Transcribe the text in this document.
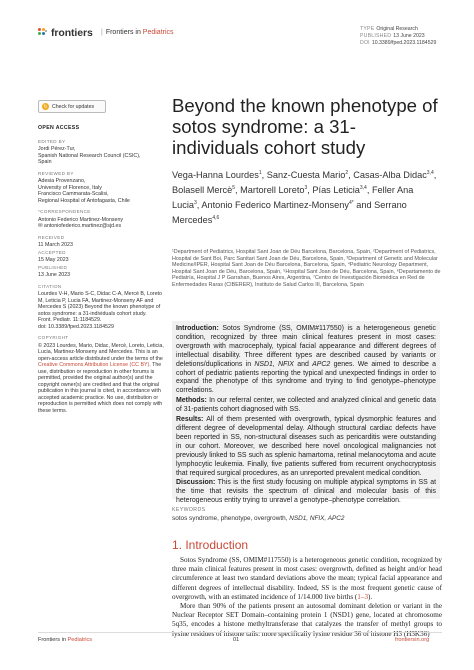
frontiers	| Frontiers in Pediatrics	TYPE Original Research
PUBLISHED 13 June 2023
DOI 10.3389/fped.2023.1184529
↻ Check for updates
OPEN ACCESS
EDITED BY
Jordi Pérez-Tur,
Spanish National Research Council (CSIC),
Spain
REVIEWED BY
Adesia Provenzano,
University of Florence, Italy
Francisco Cammarata-Scalisi,
Regional Hospital of Antofagasta, Chile
*CORRESPONDENCE
Antonio Federico Martinez-Monseny
✉ antoniofederico.martinez@sjd.es
RECEIVED
11 March 2023
ACCEPTED
15 May 2023
PUBLISHED
13 June 2023
CITATION
Lourdes V-H, Mario S-C, Didac C-A, Mercè B, Loreto M, Leticia P, Lucia FA, Martinez-Monseny AF and Mercedes S (2023) Beyond the known phenotype of sotos syndrome: a 31-individuals cohort study.
Front. Pediatr. 11:1184529.
doi: 10.3389/fped.2023.1184529
COPYRIGHT
© 2023 Lourdes, Mario, Didac, Mercè, Loreto, Leticia, Lucia, Martinez-Monseny and Mercedes. This is an open-access article distributed under the terms of the Creative Commons Attribution License (CC BY). The use, distribution or reproduction in other forums is permitted, provided the original author(s) and the copyright owner(s) are credited and that the original publication in this journal is cited, in accordance with accepted academic practice. No use, distribution or reproduction is permitted which does not comply with these terms.
Beyond the known phenotype of sotos syndrome: a 31-individuals cohort study
Vega-Hanna Lourdes$^1$, Sanz-Cuesta Mario$^2$, Casas-Alba Didac$^{3,4}$, Bolasell Mercè$^5$, Martorell Loreto$^3$, Pías Leticia$^{3,4}$, Feller Ana Lucia$^3$, Antonio Federico Martinez-Monseny$^{4*}$ and Serrano Mercedes$^{4,6}$

¹Department of Pediatrics, Hospital Sant Joan de Déu Barcelona, Barcelona, Spain, ²Department of Pediatrics, Hospital de Sant Boi, Parc Sanitari Sant Joan de Déu, Barcelona, Spain, ³Department of Genetic and Molecular Medicine/IPER, Hospital Sant Joan de Déu Barcelona, Barcelona, Spain, ⁴Pediatric Neurology Department, Hospital Sant Joan de Déu, Barcelona, Spain, ⁵Hospital Sant Joan de Déu, Barcelona, Spain, ⁶Departamento de Pediatría, Hospital J P Garrahan, Buenos Aires, Argentina, ⁷Centro de Investigación Biomédica en Red de Enfermedades Raras (CIBERER), Instituto de Salud Carlos III, Barcelona, Spain

Introduction: Sotos Syndrome (SS, OMIM#117550) is a heterogeneous genetic condition, recognized by three main clinical features present in most cases: overgrowth with macrocephaly, typical facial appearance and different degrees of intellectual disability. Three different types are described caused by variants or deletions/duplications in NSD1, NFIX and APC2 genes. We aimed to describe a cohort of pediatric patients reporting the typical and unexpected findings in order to expand the phenotype of this syndrome and trying to find genotype–phenotype correlations.

Methods: In our referral center, we collected and analyzed clinical and genetic data of 31-patients cohort diagnosed with SS.

Results: All of them presented with overgrowth, typical dysmorphic features and different degree of developmental delay. Although structural cardiac defects have been reported in SS, non-structural diseases such as pericarditis were outstanding in our cohort. Moreover, we described here novel oncological malignancies not previously linked to SS such as splenic hamartoma, retinal melanocytoma and acute lymphocytic leukemia. Finally, five patients suffered from recurrent onychocryptosis that required surgical procedures, as an unreported prevalent medical condition.

Discussion: This is the first study focusing on multiple atypical symptoms in SS at the time that revisits the spectrum of clinical and molecular basis of this heterogeneous entity trying to unravel a genotype–phenotype correlation.

KEYWORDS
sotos syndrome, phenotype, overgrowth, NSD1, NFIX, APC2
1. Introduction

Sotos Syndrome (SS, OMIM#117550) is a heterogeneous genetic condition, recognized by three main clinical features present in most cases: overgrowth, defined as height and/or head circumference at least two standard deviations above the mean; typical facial appearance and different degrees of intellectual disability. Indeed, SS is the most frequent genetic cause of overgrowth, with an estimated incidence of 1/14.000 live births (1–3).

More than 90% of the patients present an autosomal dominant deletion or variant in the Nuclear Receptor SET Domain–containing protein 1 (NSD1) gene, located at chromosome 5q35, encodes a histone methyltransferase that catalyzes the transfer of methyl groups to lysine residues of histone tails: more specifically lysine residue 36 of histone H3 (H3K36)

Frontiers in Pediatrics	01	frontiersin.org
